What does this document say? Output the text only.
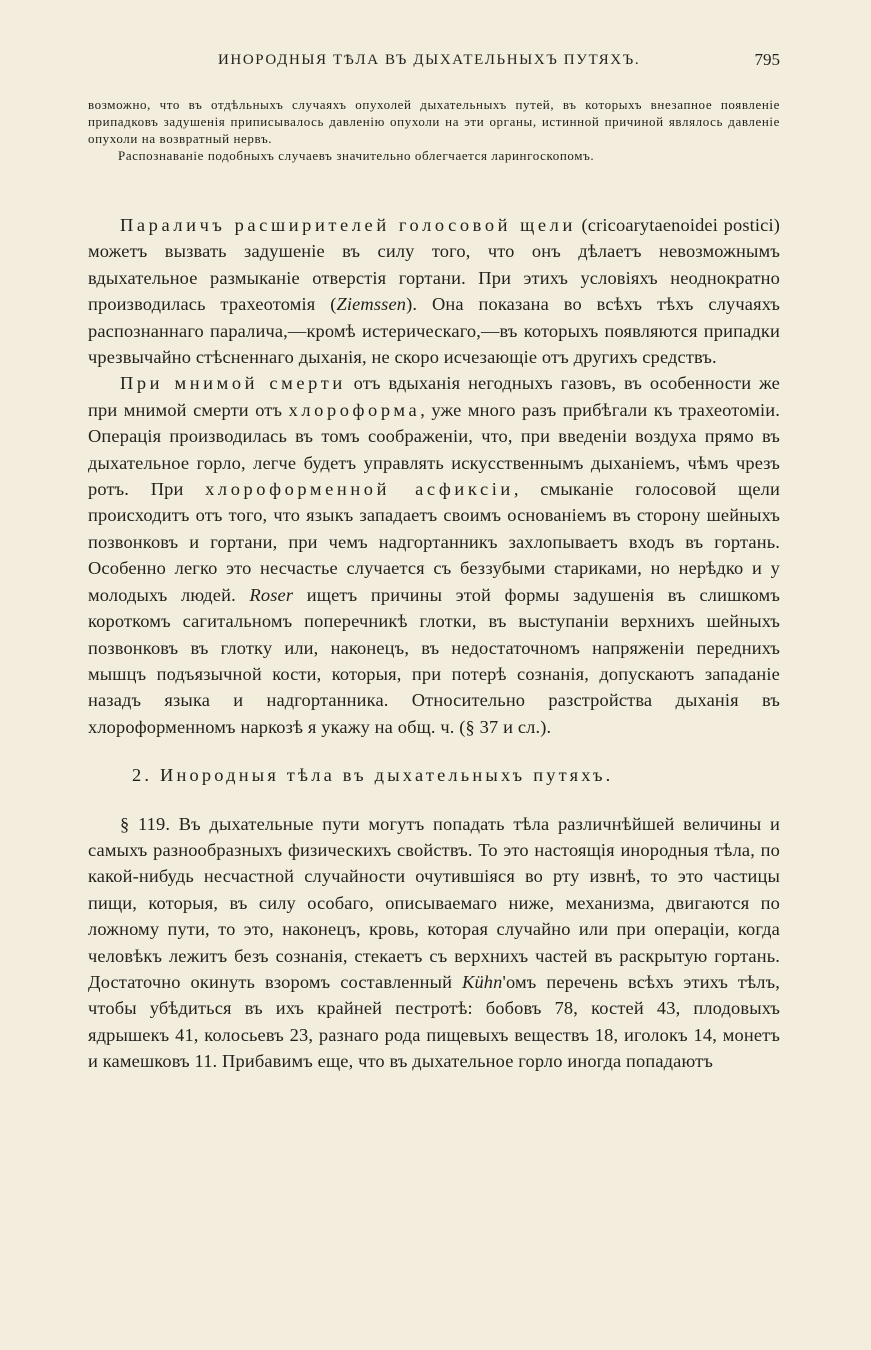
ИНОРОДНЫЯ ТѢЛА ВЪ ДЫХАТЕЛЬНЫХЪ ПУТЯХЪ.	795

возможно, что въ отдѣльныхъ случаяхъ опухолей дыхательныхъ путей, въ которыхъ внезапное появленіе припадковъ задушенія приписывалось давленію опухоли на эти органы, истинной причиной являлось давленіе опухоли на возвратный нервъ.

Распознаваніе подобныхъ случаевъ значительно облегчается ларингоскопомъ.

Параличъ расширителей голосовой щели (cricoarytaenoidei postici) можетъ вызвать задушеніе въ силу того, что онъ дѣлаетъ невозможнымъ вдыхательное размыканіе отверстія гортани. При этихъ условіяхъ неоднократно производилась трахеотомія (Ziemssen). Она показана во всѣхъ тѣхъ случаяхъ распознаннаго паралича,—кромѣ истерическаго,—въ которыхъ появляются припадки чрезвычайно стѣсненнаго дыханія, не скоро исчезающіе отъ другихъ средствъ.

При мнимой смерти отъ вдыханія негодныхъ газовъ, въ особенности же при мнимой смерти отъ хлороформа, уже много разъ прибѣгали къ трахеотоміи. Операція производилась въ томъ соображеніи, что, при введеніи воздуха прямо въ дыхательное горло, легче будетъ управлять искусственнымъ дыханіемъ, чѣмъ чрезъ ротъ. При хлороформенной асфиксіи, смыканіе голосовой щели происходитъ отъ того, что языкъ западаетъ своимъ основаніемъ въ сторону шейныхъ позвонковъ и гортани, при чемъ надгортанникъ захлопываетъ входъ въ гортань. Особенно легко это несчастье случается съ беззубыми стариками, но нерѣдко и у молодыхъ людей. Roser ищетъ причины этой формы задушенія въ слишкомъ короткомъ сагитальномъ поперечникѣ глотки, въ выступаніи верхнихъ шейныхъ позвонковъ въ глотку или, наконецъ, въ недостаточномъ напряженіи переднихъ мышцъ подъязычной кости, которыя, при потерѣ сознанія, допускаютъ западаніе назадъ языка и надгортанника. Относительно разстройства дыханія въ хлороформенномъ наркозѣ я укажу на общ. ч. (§ 37 и сл.).

2. Инородныя тѣла въ дыхательныхъ путяхъ.

§ 119. Въ дыхательные пути могутъ попадать тѣла различнѣйшей величины и самыхъ разнообразныхъ физическихъ свойствъ. То это настоящія инородныя тѣла, по какой-нибудь несчастной случайности очутившіяся во рту извнѣ, то это частицы пищи, которыя, въ силу особаго, описываемаго ниже, механизма, двигаются по ложному пути, то это, наконецъ, кровь, которая случайно или при операціи, когда человѣкъ лежитъ безъ сознанія, стекаетъ съ верхнихъ частей въ раскрытую гортань. Достаточно окинуть взоромъ составленный Kühn'омъ перечень всѣхъ этихъ тѣлъ, чтобы убѣдиться въ ихъ крайней пестротѣ: бобовъ 78, костей 43, плодовыхъ ядрышекъ 41, колосьевъ 23, разнаго рода пищевыхъ веществъ 18, иголокъ 14, монетъ и камешковъ 11. Прибавимъ еще, что въ дыхательное горло иногда попадаютъ
